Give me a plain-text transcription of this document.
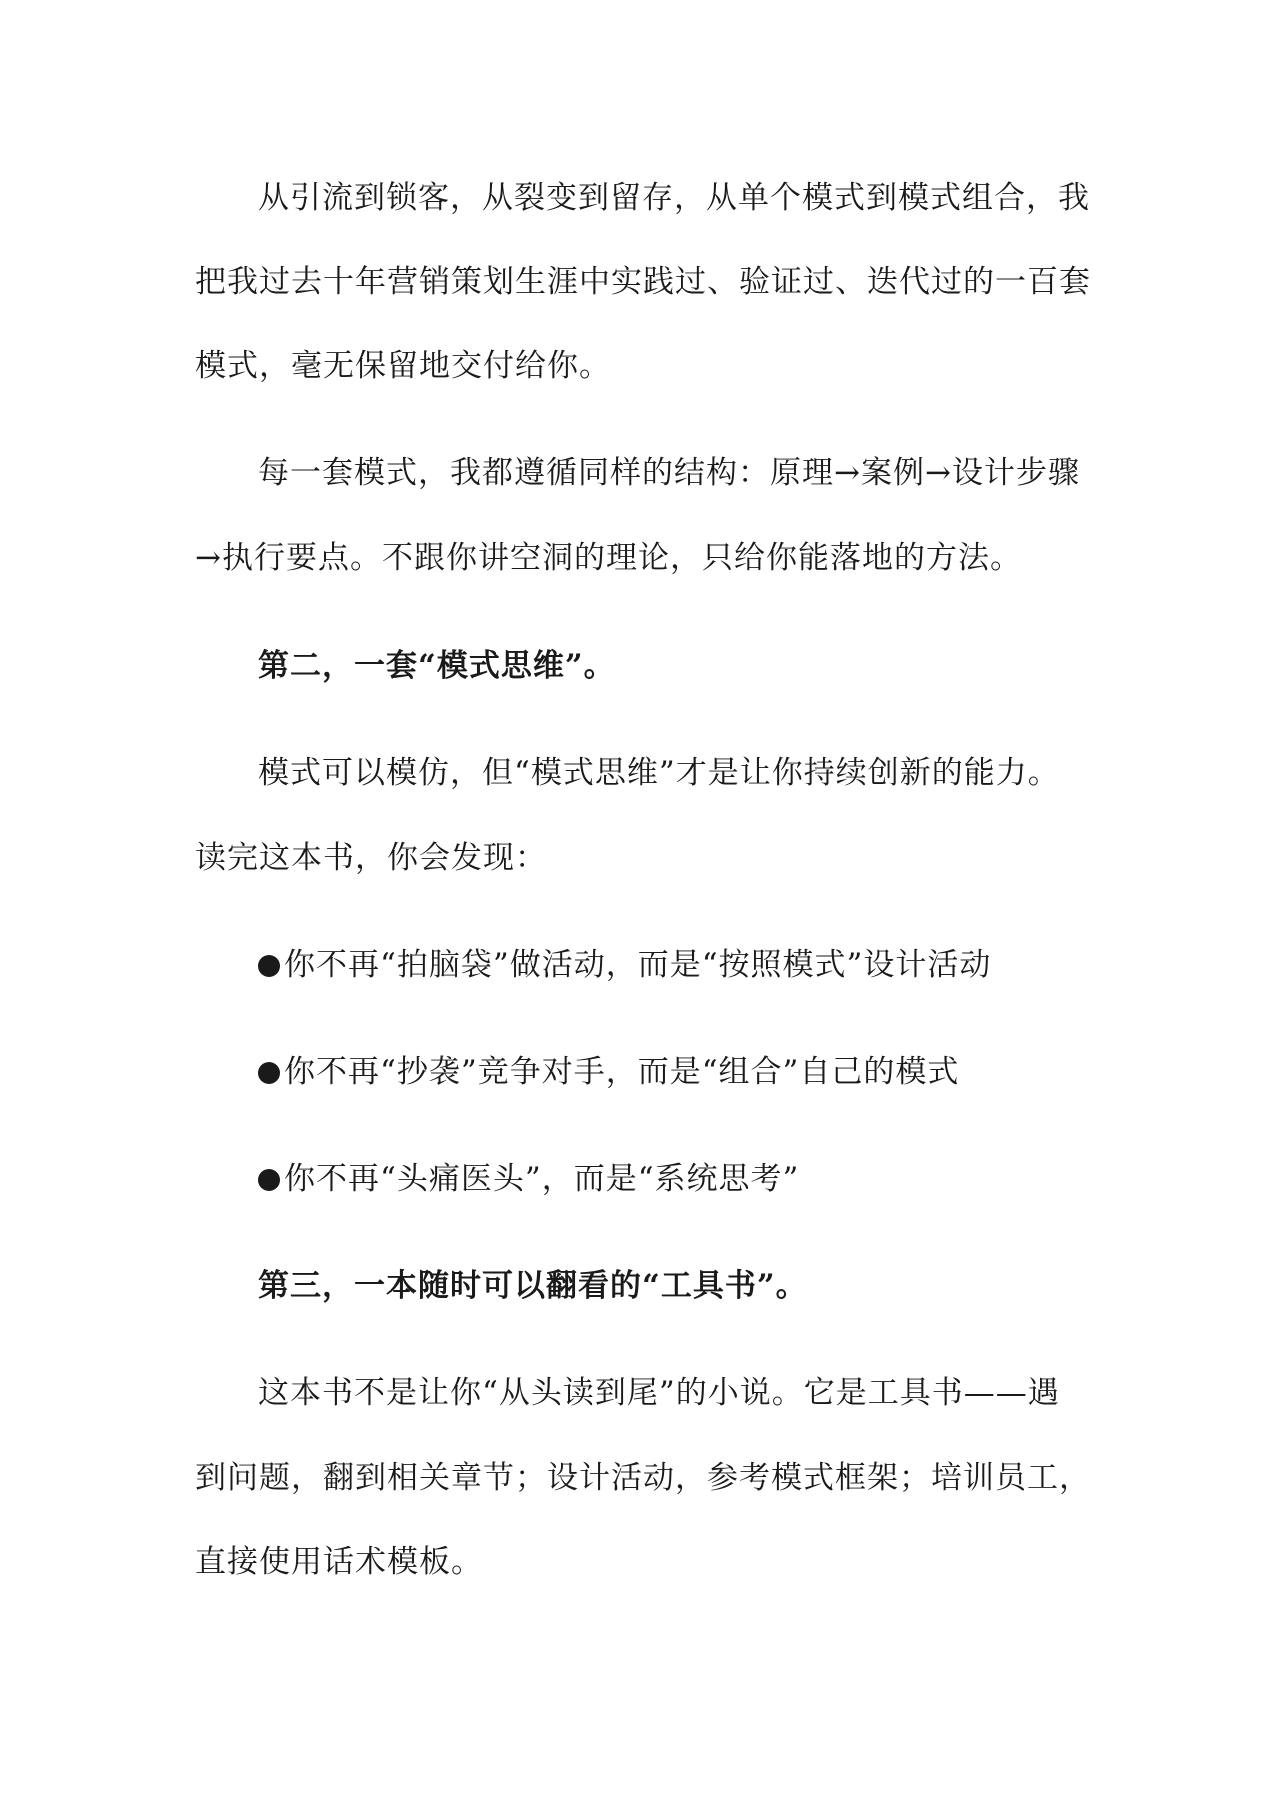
从引流到锁客，从裂变到留存，从单个模式到模式组合，我
把我过去十年营销策划生涯中实践过、验证过、迭代过的一百套
模式，毫无保留地交付给你。
每一套模式，我都遵循同样的结构：原理→案例→设计步骤
→执行要点。不跟你讲空洞的理论，只给你能落地的方法。
第二，一套“模式思维”。
模式可以模仿，但“模式思维”才是让你持续创新的能力。
读完这本书，你会发现：
你不再“拍脑袋”做活动，而是“按照模式”设计活动
你不再“抄袭”竞争对手，而是“组合”自己的模式
你不再“头痛医头”，而是“系统思考”
第三，一本随时可以翻看的“工具书”。
这本书不是让你“从头读到尾”的小说。它是工具书——遇
到问题，翻到相关章节；设计活动，参考模式框架；培训员工，
直接使用话术模板。
